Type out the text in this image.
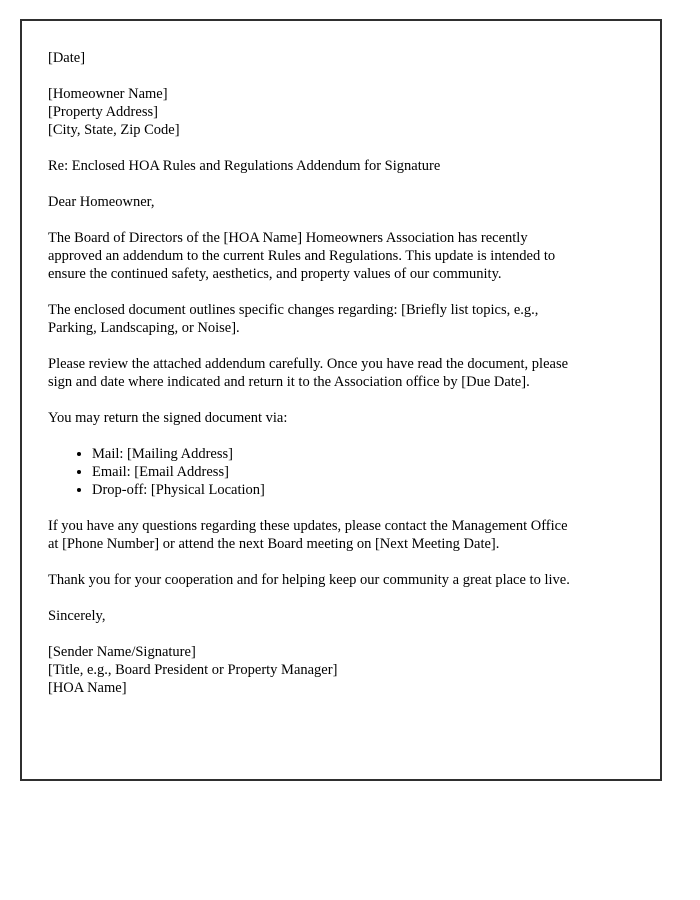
[Date]

[Homeowner Name]
[Property Address]
[City, State, Zip Code]

Re: Enclosed HOA Rules and Regulations Addendum for Signature

Dear Homeowner,

The Board of Directors of the [HOA Name] Homeowners Association has recently
approved an addendum to the current Rules and Regulations. This update is intended to
ensure the continued safety, aesthetics, and property values of our community.
The enclosed document outlines specific changes regarding: [Briefly list topics, e.g.,
Parking, Landscaping, or Noise].
Please review the attached addendum carefully. Once you have read the document, please
sign and date where indicated and return it to the Association office by [Due Date].
You may return the signed document via:
• Mail: [Mailing Address]
• Email: [Email Address]
• Drop-off: [Physical Location]
If you have any questions regarding these updates, please contact the Management Office
at [Phone Number] or attend the next Board meeting on [Next Meeting Date].
Thank you for your cooperation and for helping keep our community a great place to live.

Sincerely,

[Sender Name/Signature]
[Title, e.g., Board President or Property Manager]
[HOA Name]
